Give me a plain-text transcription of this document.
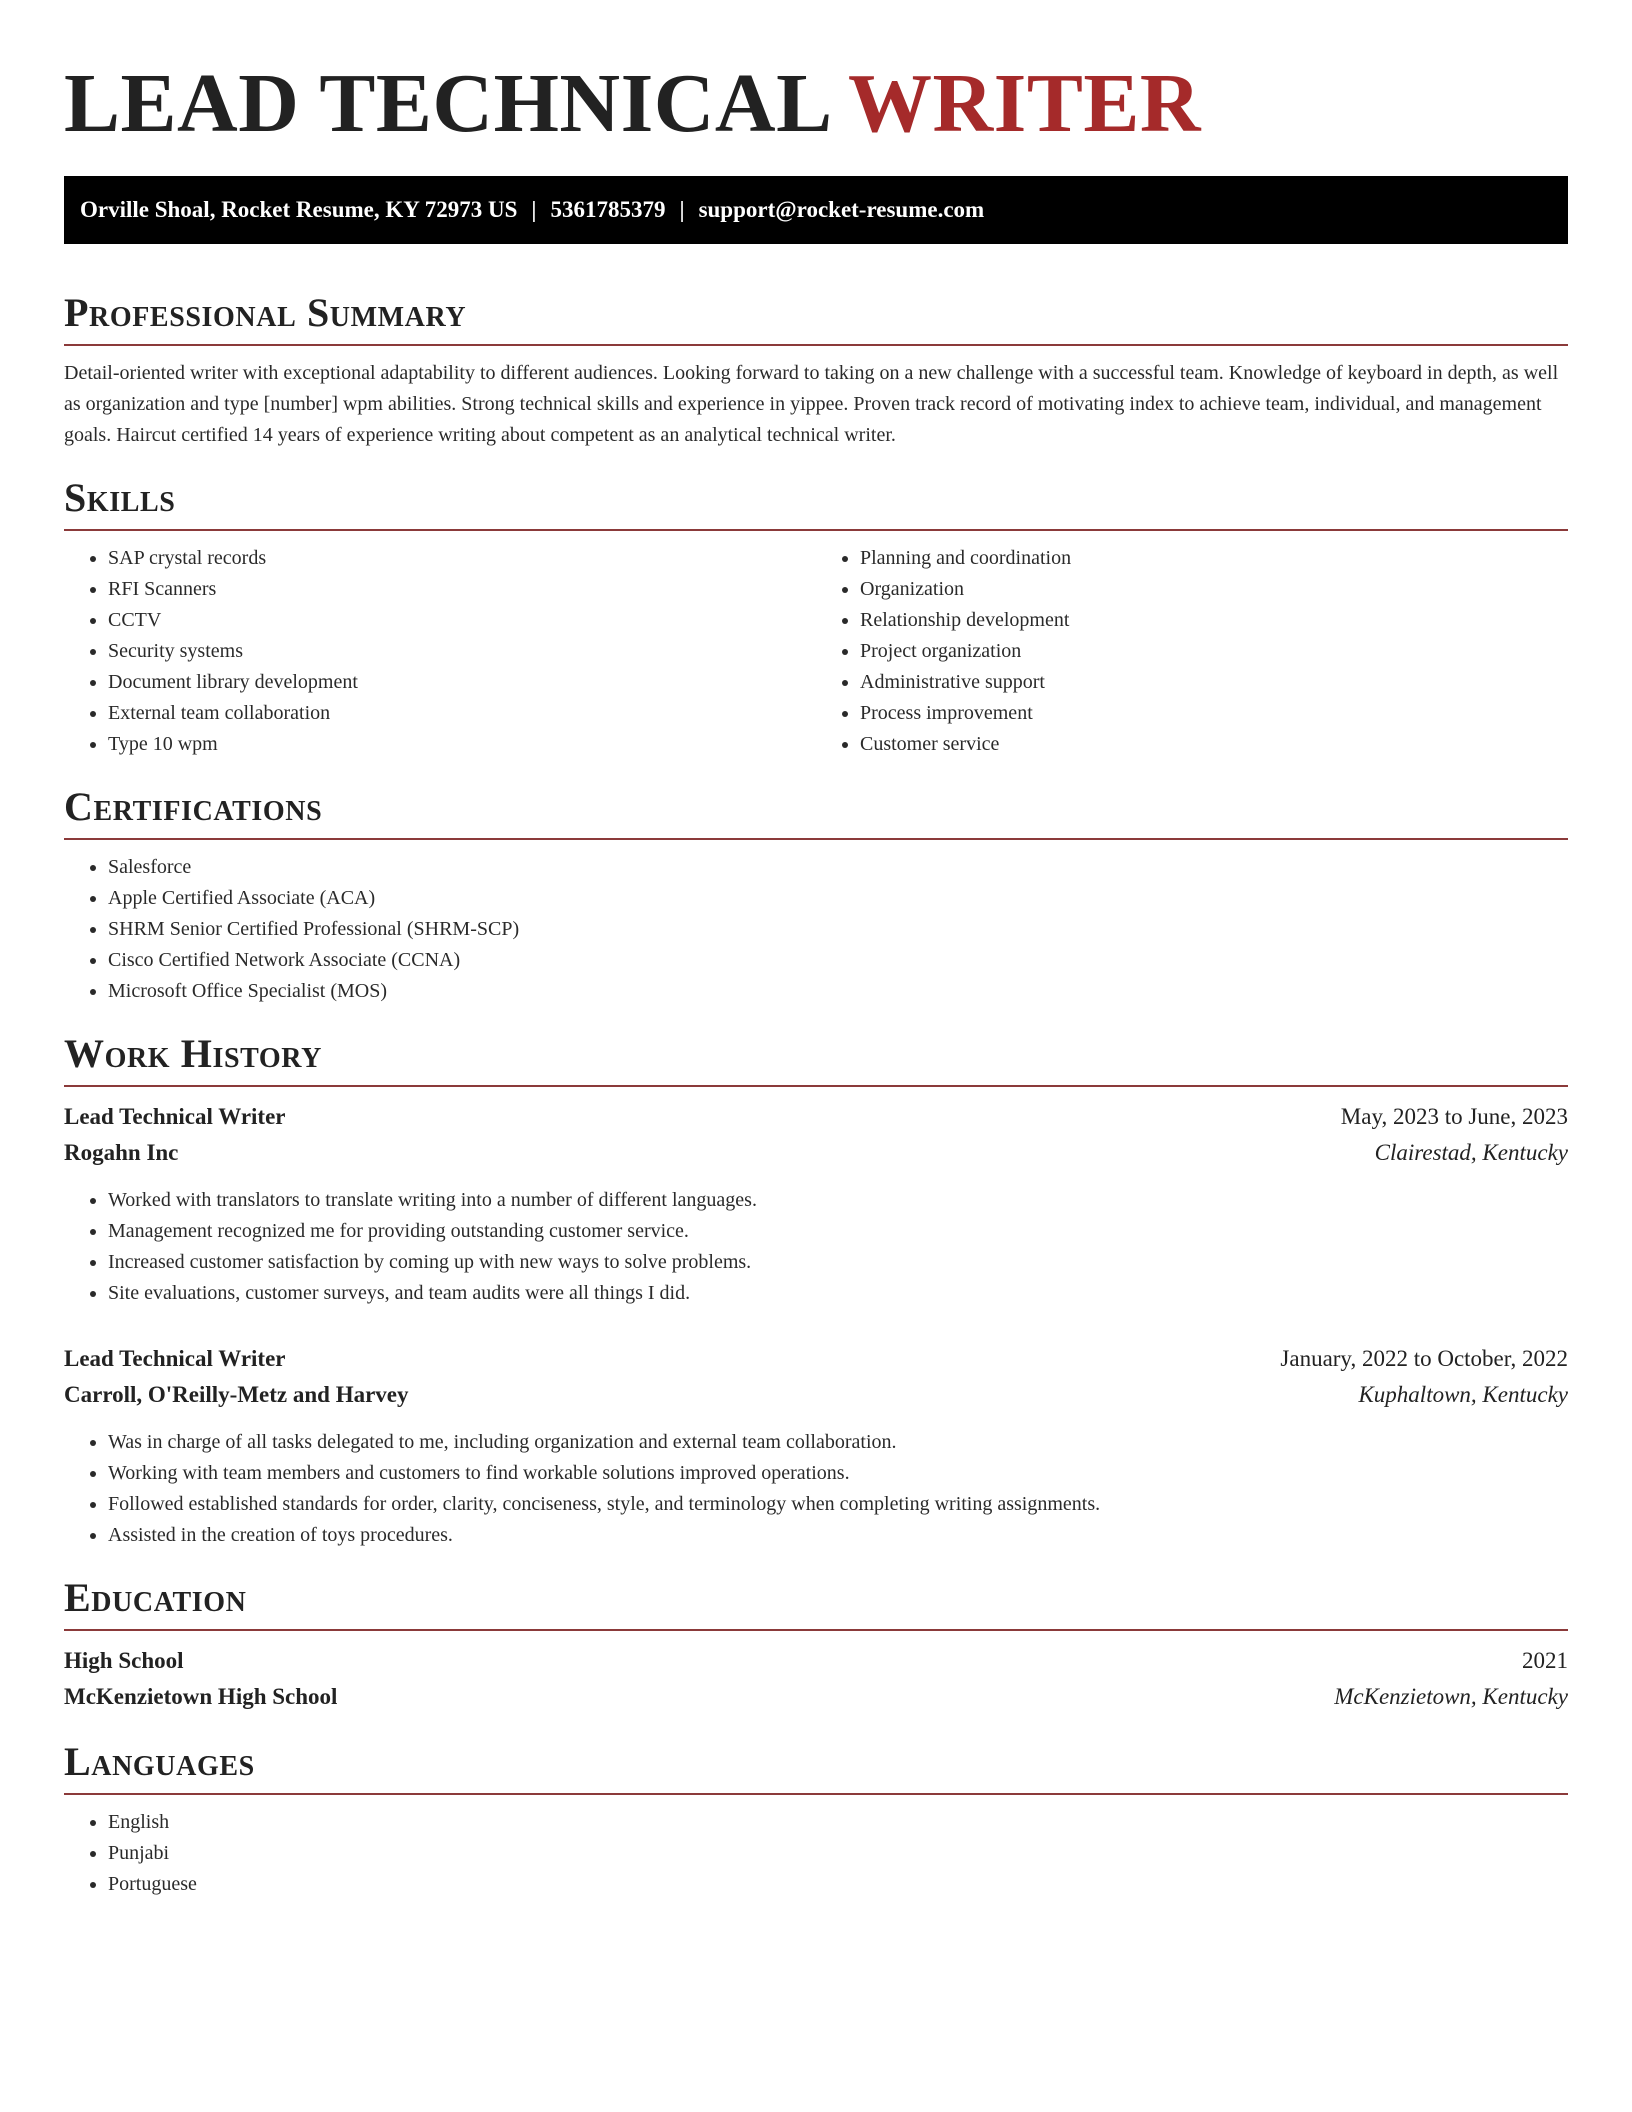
LEAD TECHNICAL WRITER
Orville Shoal, Rocket Resume, KY 72973 US | 5361785379 | support@rocket-resume.com
Professional Summary

Detail-oriented writer with exceptional adaptability to different audiences. Looking forward to taking on a new challenge with a successful team. Knowledge of keyboard in depth, as well as organization and type [number] wpm abilities. Strong technical skills and experience in yippee. Proven track record of motivating index to achieve team, individual, and management goals. Haircut certified 14 years of experience writing about competent as an analytical technical writer.

Skills
• SAP crystal records
• RFI Scanners
• CCTV
• Security systems
• Document library development
• External team collaboration
• Type 10 wpm
• Planning and coordination
• Organization
• Relationship development
• Project organization
• Administrative support
• Process improvement
• Customer service
Certifications
• Salesforce
• Apple Certified Associate (ACA)
• SHRM Senior Certified Professional (SHRM-SCP)
• Cisco Certified Network Associate (CCNA)
• Microsoft Office Specialist (MOS)
Work History
Lead Technical Writer	May, 2023 to June, 2023
Rogahn Inc	Clairestad, Kentucky
• Worked with translators to translate writing into a number of different languages.
• Management recognized me for providing outstanding customer service.
• Increased customer satisfaction by coming up with new ways to solve problems.
• Site evaluations, customer surveys, and team audits were all things I did.
Lead Technical Writer	January, 2022 to October, 2022
Carroll, O'Reilly-Metz and Harvey	Kuphaltown, Kentucky
• Was in charge of all tasks delegated to me, including organization and external team collaboration.
• Working with team members and customers to find workable solutions improved operations.
• Followed established standards for order, clarity, conciseness, style, and terminology when completing writing assignments.
• Assisted in the creation of toys procedures.
Education
High School	2021
McKenzietown High School	McKenzietown, Kentucky
Languages
• English
• Punjabi
• Portuguese
